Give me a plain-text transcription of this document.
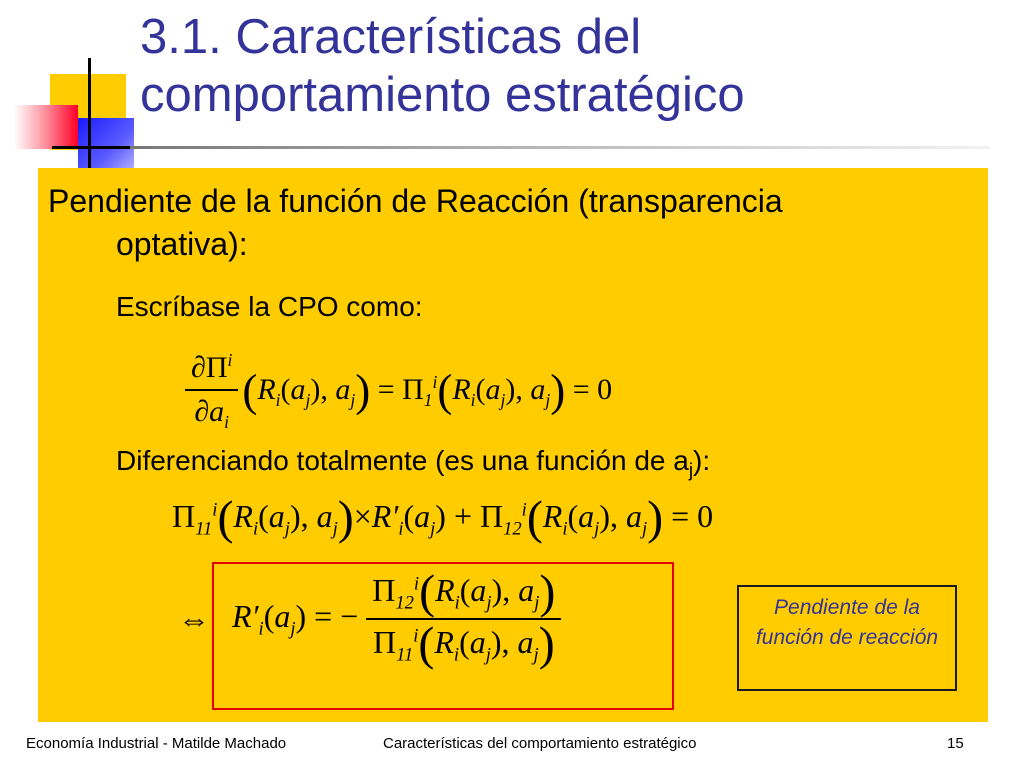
3.1. Características del comportamiento estratégico
Pendiente de la función de Reacción (transparencia
optativa):
Escríbase la CPO como:
$\frac{\partial\Pi^i}{\partial a_i} (R_i(a_j)$, $a_j) = \Pi_1^i(R_i(a_j)$, $a_j) = 0$
Diferenciando totalmente (es una función de $a_j$):
$\Pi_{11}^i(R_i(a_j)$, $a_j)\times R'_i(a_j) + \Pi_{12}^i(R_i(a_j)$, $a_j) = 0$
⇔ $R'_i(a_j)$ = − $\frac{\Pi_{12}^i(R_i(a_j), a_j)}{\Pi_{11}^i(R_i(a_j), a_j)}$	Pendiente de la función de reacción
Economía Industrial - Matilde Machado	Características del comportamiento estratégico	15
